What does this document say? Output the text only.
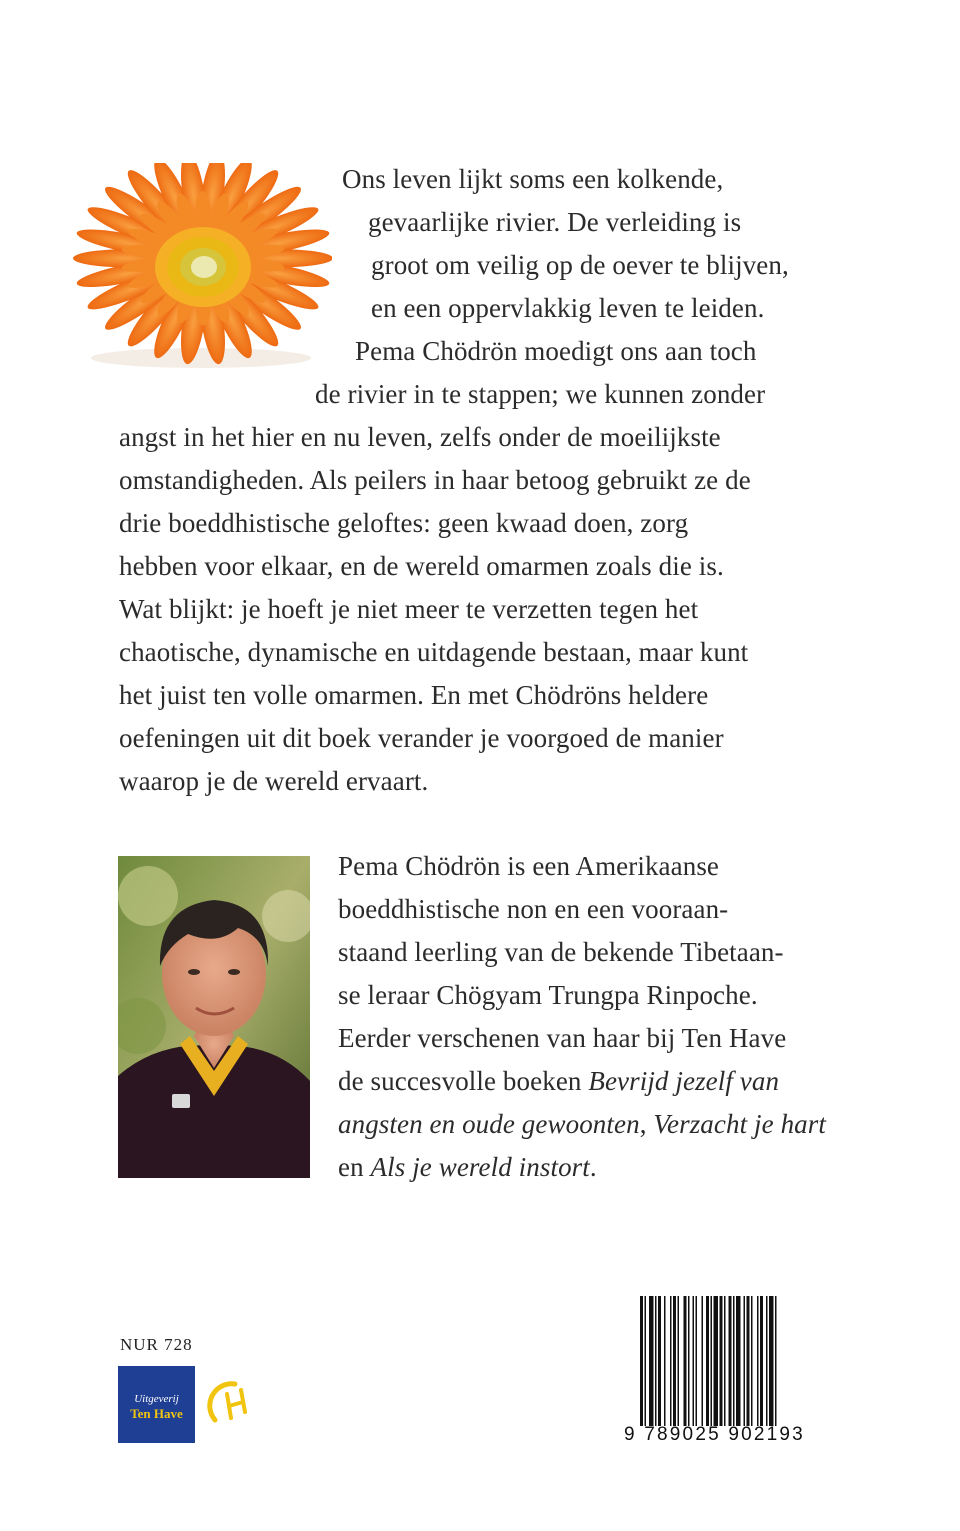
Ons leven lijkt soms een kolkende,
gevaarlijke rivier. De verleiding is
groot om veilig op de oever te blijven,
en een oppervlakkig leven te leiden.
Pema Chödrön moedigt ons aan toch
de rivier in te stappen; we kunnen zonder
angst in het hier en nu leven, zelfs onder de moeilijkste
omstandigheden. Als peilers in haar betoog gebruikt ze de
drie boeddhistische geloftes: geen kwaad doen, zorg
hebben voor elkaar, en de wereld omarmen zoals die is.
Wat blijkt: je hoeft je niet meer te verzetten tegen het
chaotische, dynamische en uitdagende bestaan, maar kunt
het juist ten volle omarmen. En met Chödröns heldere
oefeningen uit dit boek verander je voorgoed de manier
waarop je de wereld ervaart.
Pema Chödrön is een Amerikaanse
boeddhistische non en een vooraan-
staand leerling van de bekende Tibetaan-
se leraar Chögyam Trungpa Rinpoche.
Eerder verschenen van haar bij Ten Have
de succesvolle boeken Bevrijd jezelf van
angsten en oude gewoonten, Verzacht je hart
en Als je wereld instort.
NUR 728
Uitgeverij
Ten Have
9 789025 902193
